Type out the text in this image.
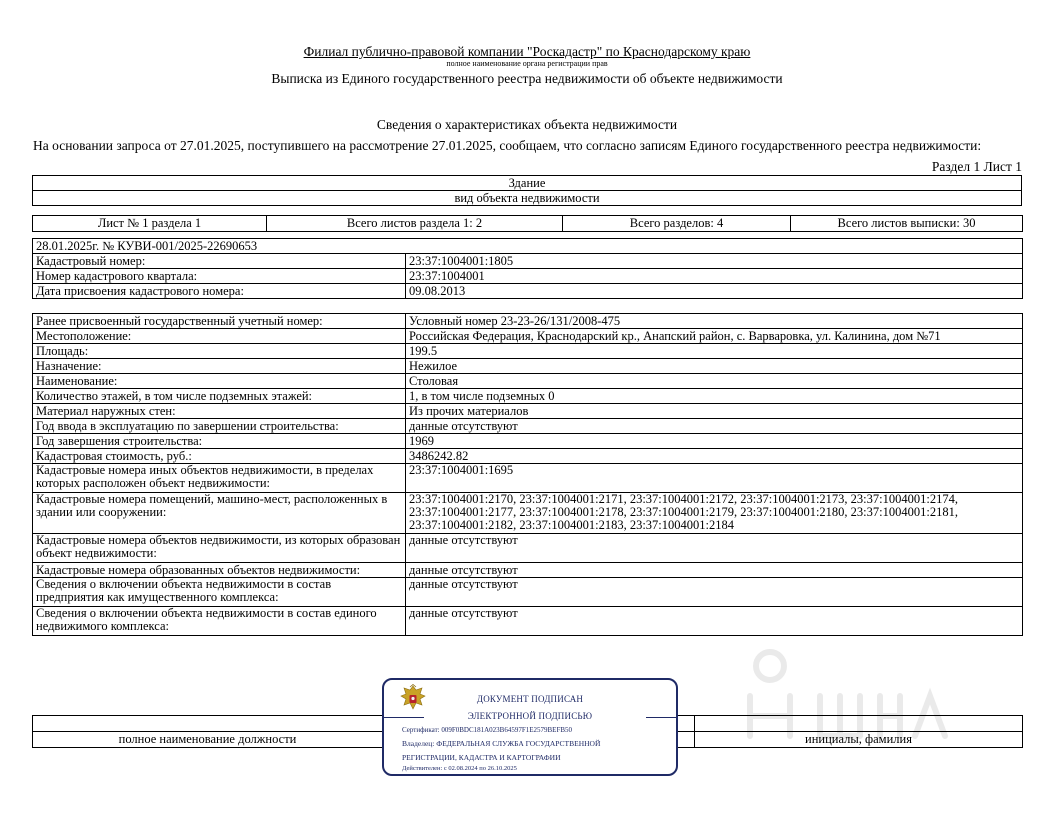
Филиал публично-правовой компании "Роскадастр" по Краснодарскому краю
полное наименование органа регистрации прав
Выписка из Единого государственного реестра недвижимости об объекте недвижимости
Сведения о характеристиках объекта недвижимости
На основании запроса от 27.01.2025, поступившего на рассмотрение 27.01.2025, сообщаем, что согласно записям Единого государственного реестра недвижимости:
Раздел 1 Лист 1
Здание
вид объекта недвижимости
Лист № 1 раздела 1	Всего листов раздела 1: 2	Всего разделов: 4	Всего листов выписки: 30
28.01.2025г. № КУВИ-001/2025-22690653	
Кадастровый номер:	23:37:1004001:1805
Номер кадастрового квартала:	23:37:1004001
Дата присвоения кадастрового номера:	09.08.2013
Ранее присвоенный государственный учетный номер:	Условный номер 23-23-26/131/2008-475
Местоположение:	Российская Федерация, Краснодарский кр., Анапский район, с. Варваровка, ул. Калинина, дом №71
Площадь:	199.5
Назначение:	Нежилое
Наименование:	Столовая
Количество этажей, в том числе подземных этажей:	1, в том числе подземных 0
Материал наружных стен:	Из прочих материалов
Год ввода в эксплуатацию по завершении строительства:	данные отсутствуют
Год завершения строительства:	1969
Кадастровая стоимость, руб.:	3486242.82
Кадастровые номера иных объектов недвижимости, в пределах которых расположен объект недвижимости:	23:37:1004001:1695
Кадастровые номера помещений, машино-мест, расположенных в здании или сооружении:	23:37:1004001:2170, 23:37:1004001:2171, 23:37:1004001:2172, 23:37:1004001:2173, 23:37:1004001:2174, 23:37:1004001:2177, 23:37:1004001:2178, 23:37:1004001:2179, 23:37:1004001:2180, 23:37:1004001:2181, 23:37:1004001:2182, 23:37:1004001:2183, 23:37:1004001:2184
Кадастровые номера объектов недвижимости, из которых образован объект недвижимости:	данные отсутствуют
Кадастровые номера образованных объектов недвижимости:	данные отсутствуют
Сведения о включении объекта недвижимости в состав предприятия как имущественного комплекса:	данные отсутствуют
Сведения о включении объекта недвижимости в состав единого недвижимого комплекса:	данные отсутствуют

полное наименование должности		инициалы, фамилия
ДОКУМЕНТ ПОДПИСАН
ЭЛЕКТРОННОЙ ПОДПИСЬЮ
Сертификат: 009F0BDC181A023B64597F1E2579BEFB50
Владелец: ФЕДЕРАЛЬНАЯ СЛУЖБА ГОСУДАРСТВЕННОЙ
РЕГИСТРАЦИИ, КАДАСТРА И КАРТОГРАФИИ
Действителен: с 02.08.2024 по 26.10.2025
